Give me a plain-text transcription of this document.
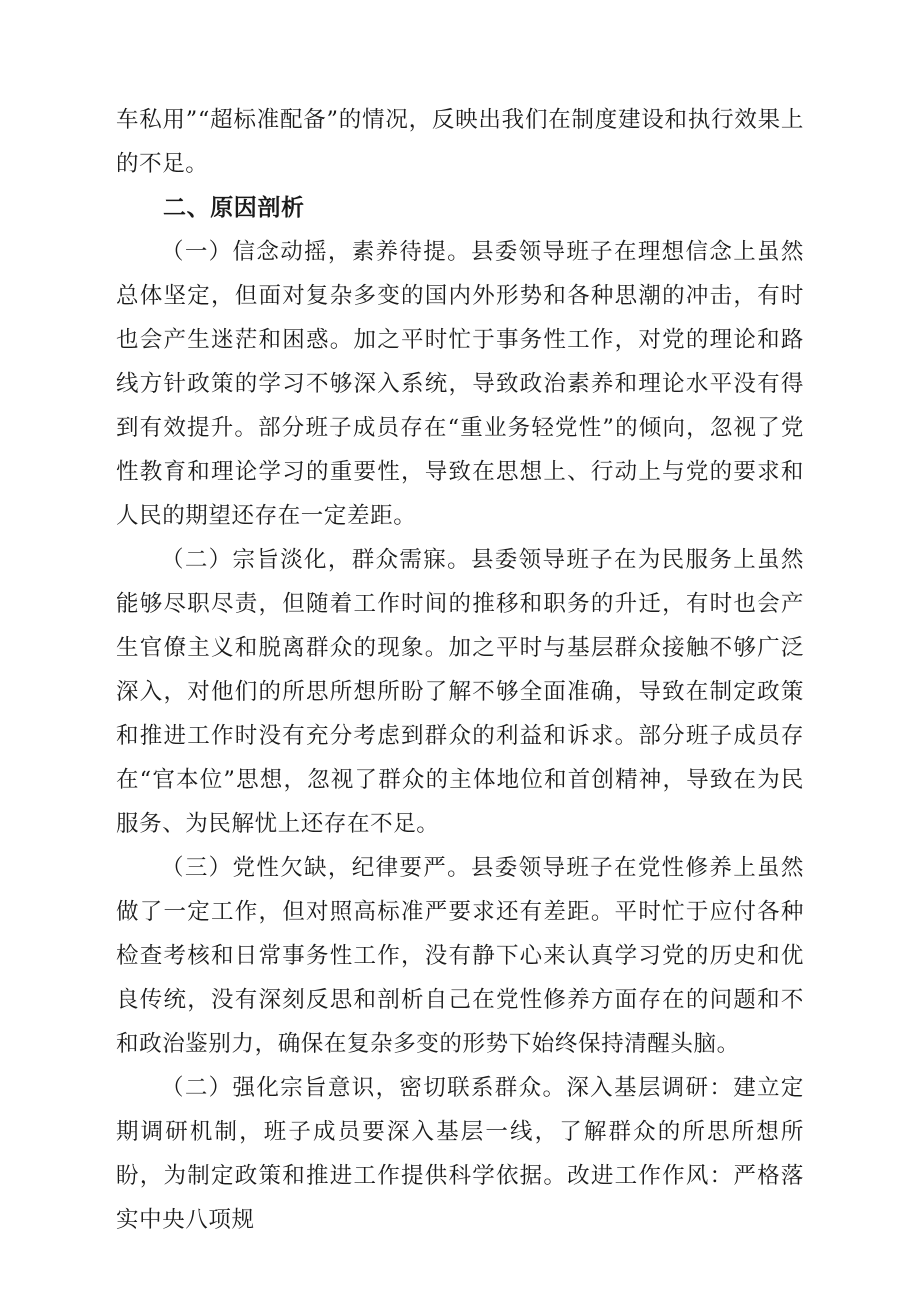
车私用”“超标准配备”的情况，反映出我们在制度建设和执行效果上的不足。

二、原因剖析

（一）信念动摇，素养待提。县委领导班子在理想信念上虽然总体坚定，但面对复杂多变的国内外形势和各种思潮的冲击，有时也会产生迷茫和困惑。加之平时忙于事务性工作，对党的理论和路线方针政策的学习不够深入系统，导致政治素养和理论水平没有得到有效提升。部分班子成员存在“重业务轻党性”的倾向，忽视了党性教育和理论学习的重要性，导致在思想上、行动上与党的要求和人民的期望还存在一定差距。

（二）宗旨淡化，群众需寐。县委领导班子在为民服务上虽然能够尽职尽责，但随着工作时间的推移和职务的升迁，有时也会产生官僚主义和脱离群众的现象。加之平时与基层群众接触不够广泛深入，对他们的所思所想所盼了解不够全面准确，导致在制定政策和推进工作时没有充分考虑到群众的利益和诉求。部分班子成员存在“官本位”思想，忽视了群众的主体地位和首创精神，导致在为民服务、为民解忧上还存在不足。

（三）党性欠缺，纪律要严。县委领导班子在党性修养上虽然做了一定工作，但对照高标准严要求还有差距。平时忙于应付各种检查考核和日常事务性工作，没有静下心来认真学习党的历史和优良传统，没有深刻反思和剖析自己在党性修养方面存在的问题和不和政治鉴别力，确保在复杂多变的形势下始终保持清醒头脑。

（二）强化宗旨意识，密切联系群众。深入基层调研：建立定期调研机制，班子成员要深入基层一线，了解群众的所思所想所盼，为制定政策和推进工作提供科学依据。改进工作作风：严格落实中央八项规
